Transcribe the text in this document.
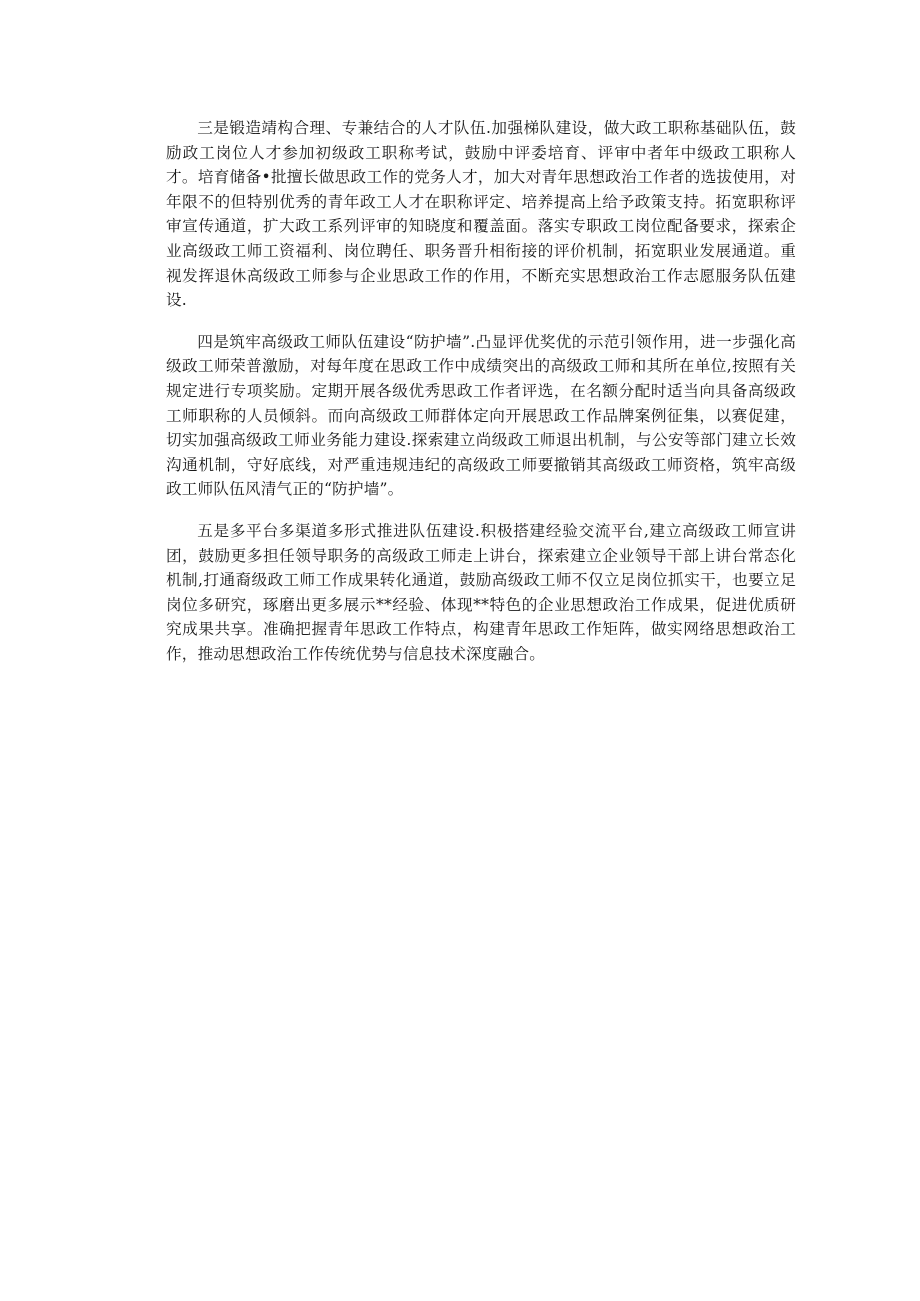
三是锻造靖构合理、专兼结合的人才队伍.加强梯队建设，做大政工职称基础队伍，鼓励政工岗位人才参加初级政工职称考试，鼓励中评委培育、评审中者年中级政工职称人才。培育储备•批擅长做思政工作的党务人才，加大对青年思想政治工作者的选拔使用，对年限不的但特别优秀的青年政工人才在职称评定、培养提高上给予政策支持。拓宽职称评审宣传通道，扩大政工系列评审的知晓度和覆盖面。落实专职政工岗位配备要求，探索企业高级政工师工资福利、岗位聘任、职务晋升相衔接的评价机制，拓宽职业发展通道。重视发挥退休高级政工师参与企业思政工作的作用，不断充实思想政治工作志愿服务队伍建设.

四是筑牢高级政工师队伍建设“防护墙”.凸显评优奖优的示范引领作用，进一步强化高级政工师荣普激励，对每年度在思政工作中成绩突出的高级政工师和其所在单位,按照有关规定进行专项奖励。定期开展各级优秀思政工作者评选，在名额分配时适当向具备高级政工师职称的人员倾斜。而向高级政工师群体定向开展思政工作品牌案例征集，以赛促建，切实加强高级政工师业务能力建设.探索建立尚级政工师退出机制，与公安等部门建立长效沟通机制，守好底线，对严重违规违纪的高级政工师要撤销其高级政工师资格，筑牢高级政工师队伍风清气正的“防护墙”。

五是多平台多渠道多形式推进队伍建设.积极搭建经验交流平台,建立高级政工师宣讲团，鼓励更多担任领导职务的高级政工师走上讲台，探索建立企业领导干部上讲台常态化机制,打通裔级政工师工作成果转化通道，鼓励高级政工师不仅立足岗位抓实干，也要立足岗位多研究，琢磨出更多展示**经验、体现**特色的企业思想政治工作成果，促进优质研究成果共享。准确把握青年思政工作特点，构建青年思政工作矩阵，做实网络思想政治工作，推动思想政治工作传统优势与信息技术深度融合。
